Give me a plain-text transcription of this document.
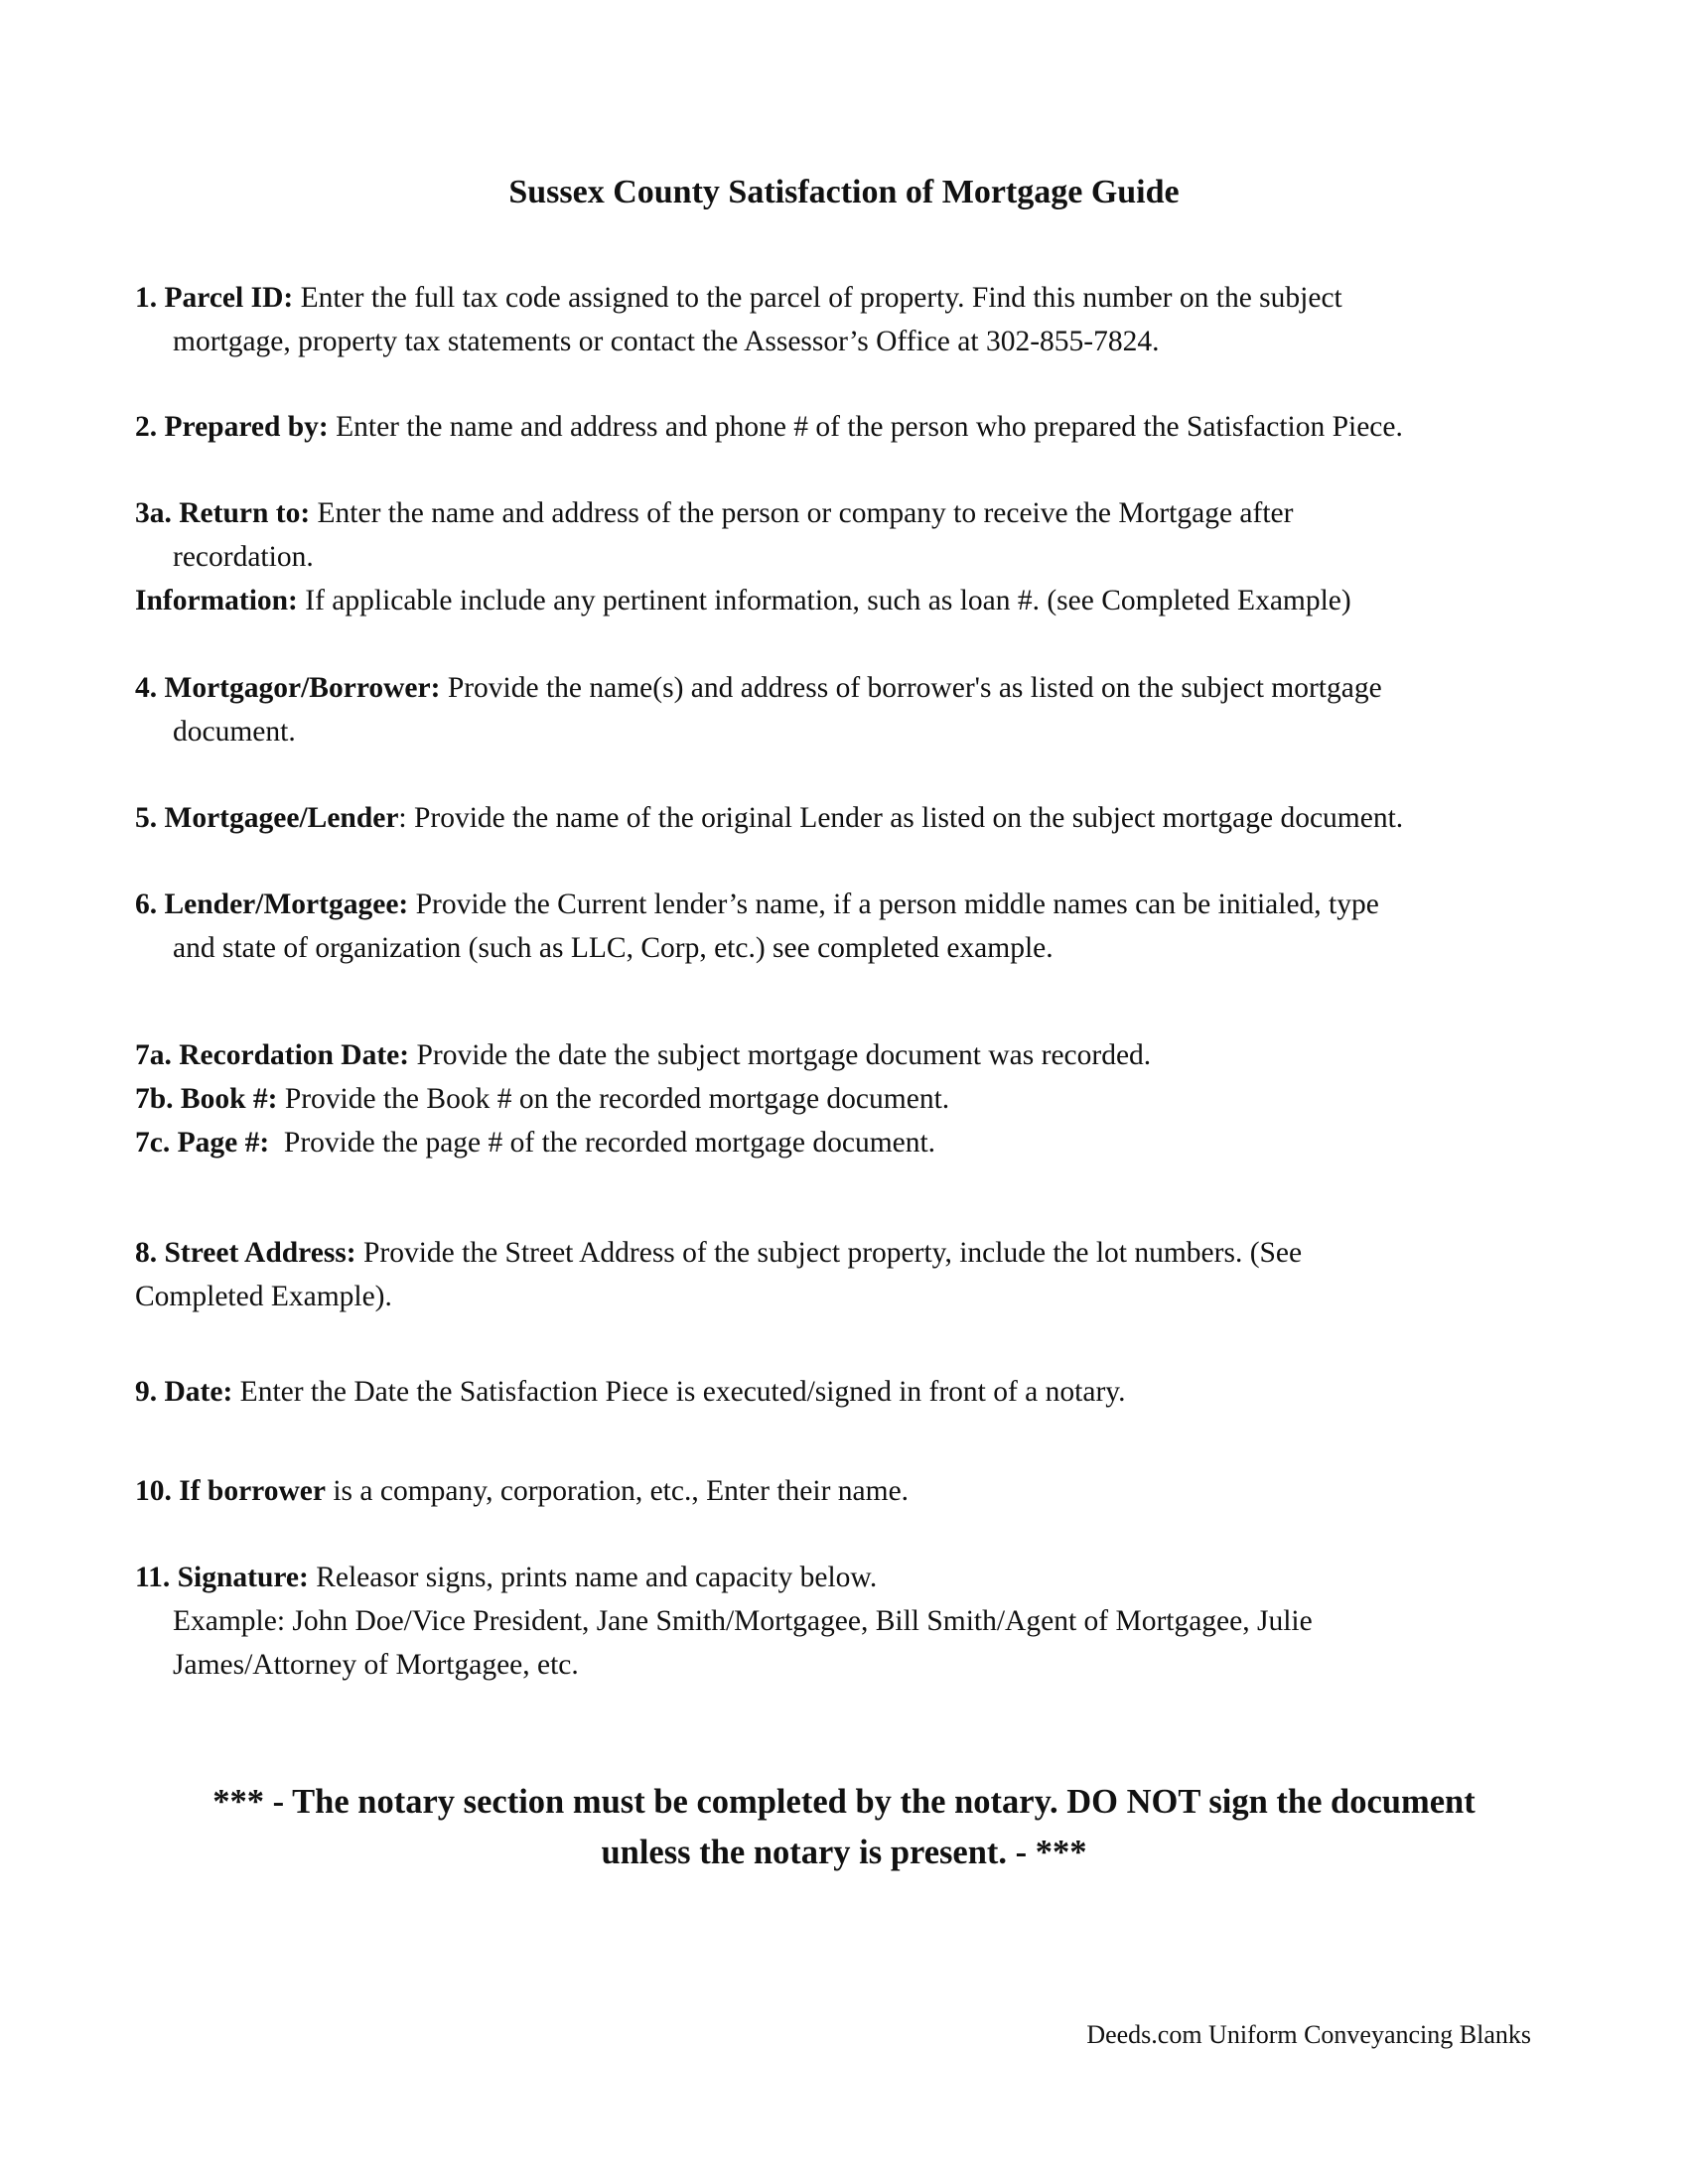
Sussex County Satisfaction of Mortgage Guide

1. Parcel ID: Enter the full tax code assigned to the parcel of property. Find this number on the subject
mortgage, property tax statements or contact the Assessor’s Office at 302-855-7824.

2. Prepared by: Enter the name and address and phone # of the person who prepared the Satisfaction Piece.

3a. Return to: Enter the name and address of the person or company to receive the Mortgage after
recordation.

Information: If applicable include any pertinent information, such as loan #. (see Completed Example)

4. Mortgagor/Borrower: Provide the name(s) and address of borrower's as listed on the subject mortgage
document.

5. Mortgagee/Lender: Provide the name of the original Lender as listed on the subject mortgage document.

6. Lender/Mortgagee: Provide the Current lender’s name, if a person middle names can be initialed, type
and state of organization (such as LLC, Corp, etc.) see completed example.

7a. Recordation Date: Provide the date the subject mortgage document was recorded.

7b. Book #: Provide the Book # on the recorded mortgage document.

7c. Page #:  Provide the page # of the recorded mortgage document.

8. Street Address: Provide the Street Address of the subject property, include the lot numbers. (See
Completed Example).

9. Date: Enter the Date the Satisfaction Piece is executed/signed in front of a notary.

10. If borrower is a company, corporation, etc., Enter their name.

11. Signature: Releasor signs, prints name and capacity below.
Example: John Doe/Vice President, Jane Smith/Mortgagee, Bill Smith/Agent of Mortgagee, Julie
James/Attorney of Mortgagee, etc.

*** - The notary section must be completed by the notary. DO NOT sign the document
unless the notary is present. - ***

Deeds.com Uniform Conveyancing Blanks
